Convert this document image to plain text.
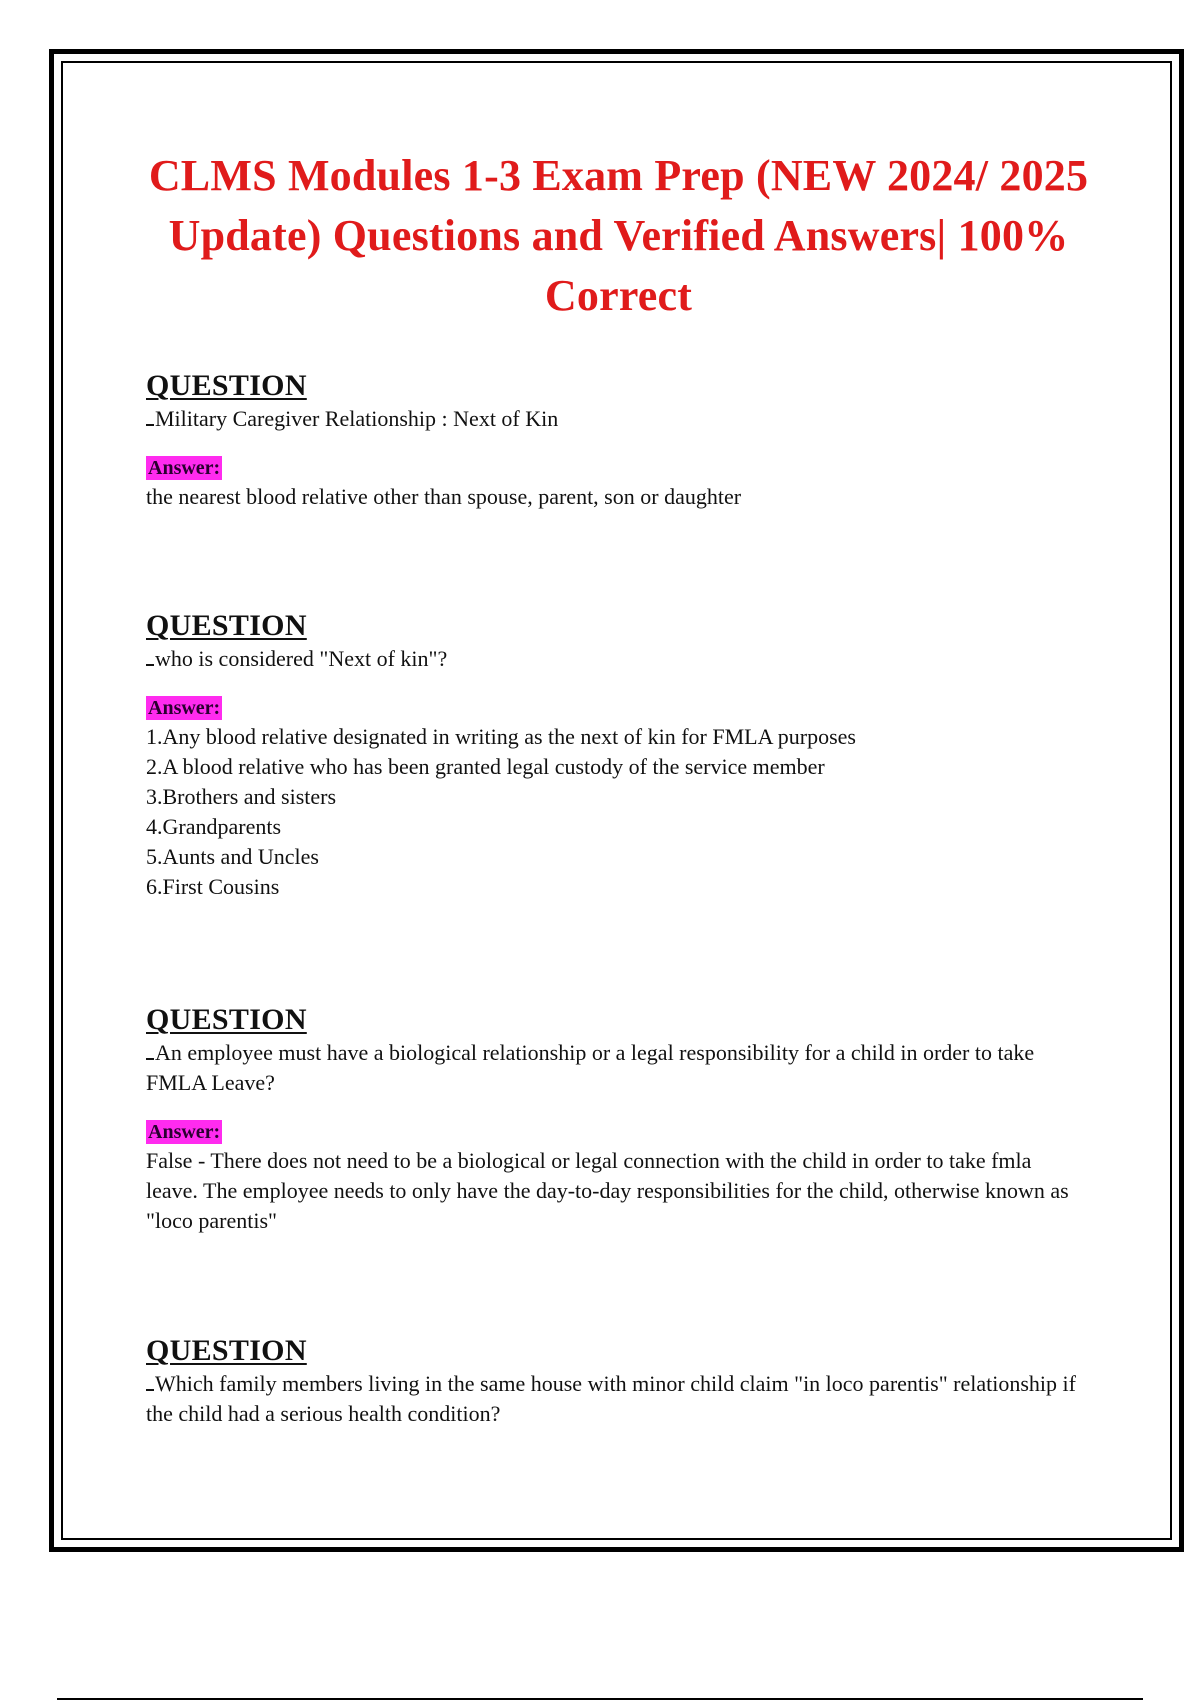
CLMS Modules 1-3 Exam Prep (NEW 2024/ 2025 Update) Questions and Verified Answers| 100% Correct

QUESTION

Military Caregiver Relationship : Next of Kin

Answer:

the nearest blood relative other than spouse, parent, son or daughter

QUESTION

who is considered "Next of kin"?

Answer:
1.Any blood relative designated in writing as the next of kin for FMLA purposes
2.A blood relative who has been granted legal custody of the service member
3.Brothers and sisters
4.Grandparents
5.Aunts and Uncles
6.First Cousins

QUESTION

An employee must have a biological relationship or a legal responsibility for a child in order to take FMLA Leave?

Answer:

False - There does not need to be a biological or legal connection with the child in order to take fmla leave. The employee needs to only have the day-to-day responsibilities for the child, otherwise known as "loco parentis"

QUESTION

Which family members living in the same house with minor child claim "in loco parentis" relationship if the child had a serious health condition?
